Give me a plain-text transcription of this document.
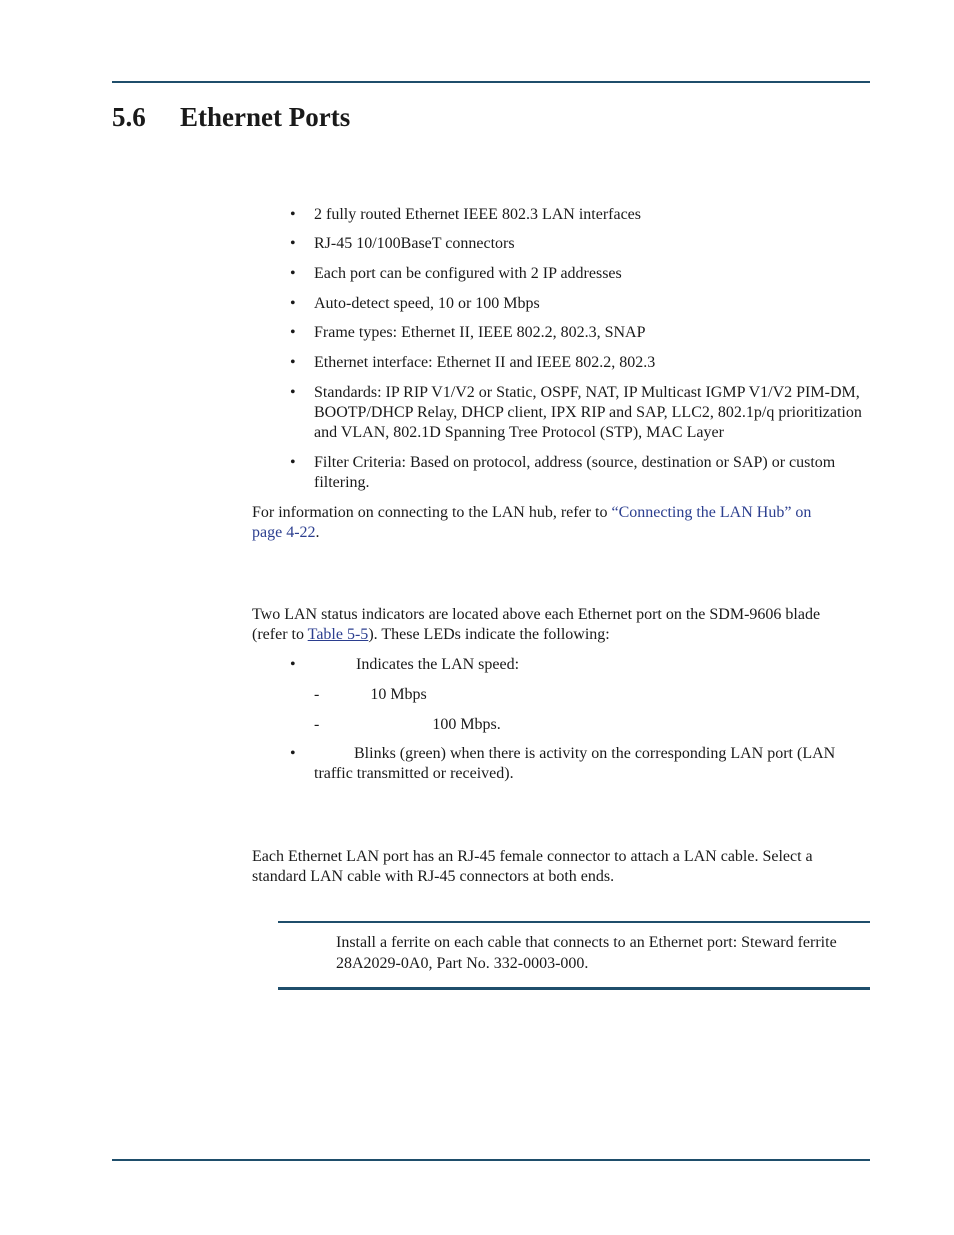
5.6 Ethernet Ports
• 2 fully routed Ethernet IEEE 802.3 LAN interfaces
• RJ-45 10/100BaseT connectors
• Each port can be configured with 2 IP addresses
• Auto-detect speed, 10 or 100 Mbps
• Frame types: Ethernet II, IEEE 802.2, 802.3, SNAP
• Ethernet interface: Ethernet II and IEEE 802.2, 802.3
• Standards: IP RIP V1/V2 or Static, OSPF, NAT, IP Multicast IGMP V1/V2 PIM-DM, BOOTP/DHCP Relay, DHCP client, IPX RIP and SAP, LLC2, 802.1p/q prioritization and VLAN, 802.1D Spanning Tree Protocol (STP), MAC Layer
• Filter Criteria: Based on protocol, address (source, destination or SAP) or custom filtering.
For information on connecting to the LAN hub, refer to “Connecting the LAN Hub” on
page 4-22.
Two LAN status indicators are located above each Ethernet port on the SDM-9606 blade
(refer to Table 5-5). These LEDs indicate the following:
•	Indicates the LAN speed:
-	10 Mbps
-	100 Mbps.
•	Blinks (green) when there is activity on the corresponding LAN port (LAN
traffic transmitted or received).
Each Ethernet LAN port has an RJ-45 female connector to attach a LAN cable. Select a
standard LAN cable with RJ-45 connectors at both ends.
Install a ferrite on each cable that connects to an Ethernet port: Steward ferrite
28A2029-0A0, Part No. 332-0003-000.
